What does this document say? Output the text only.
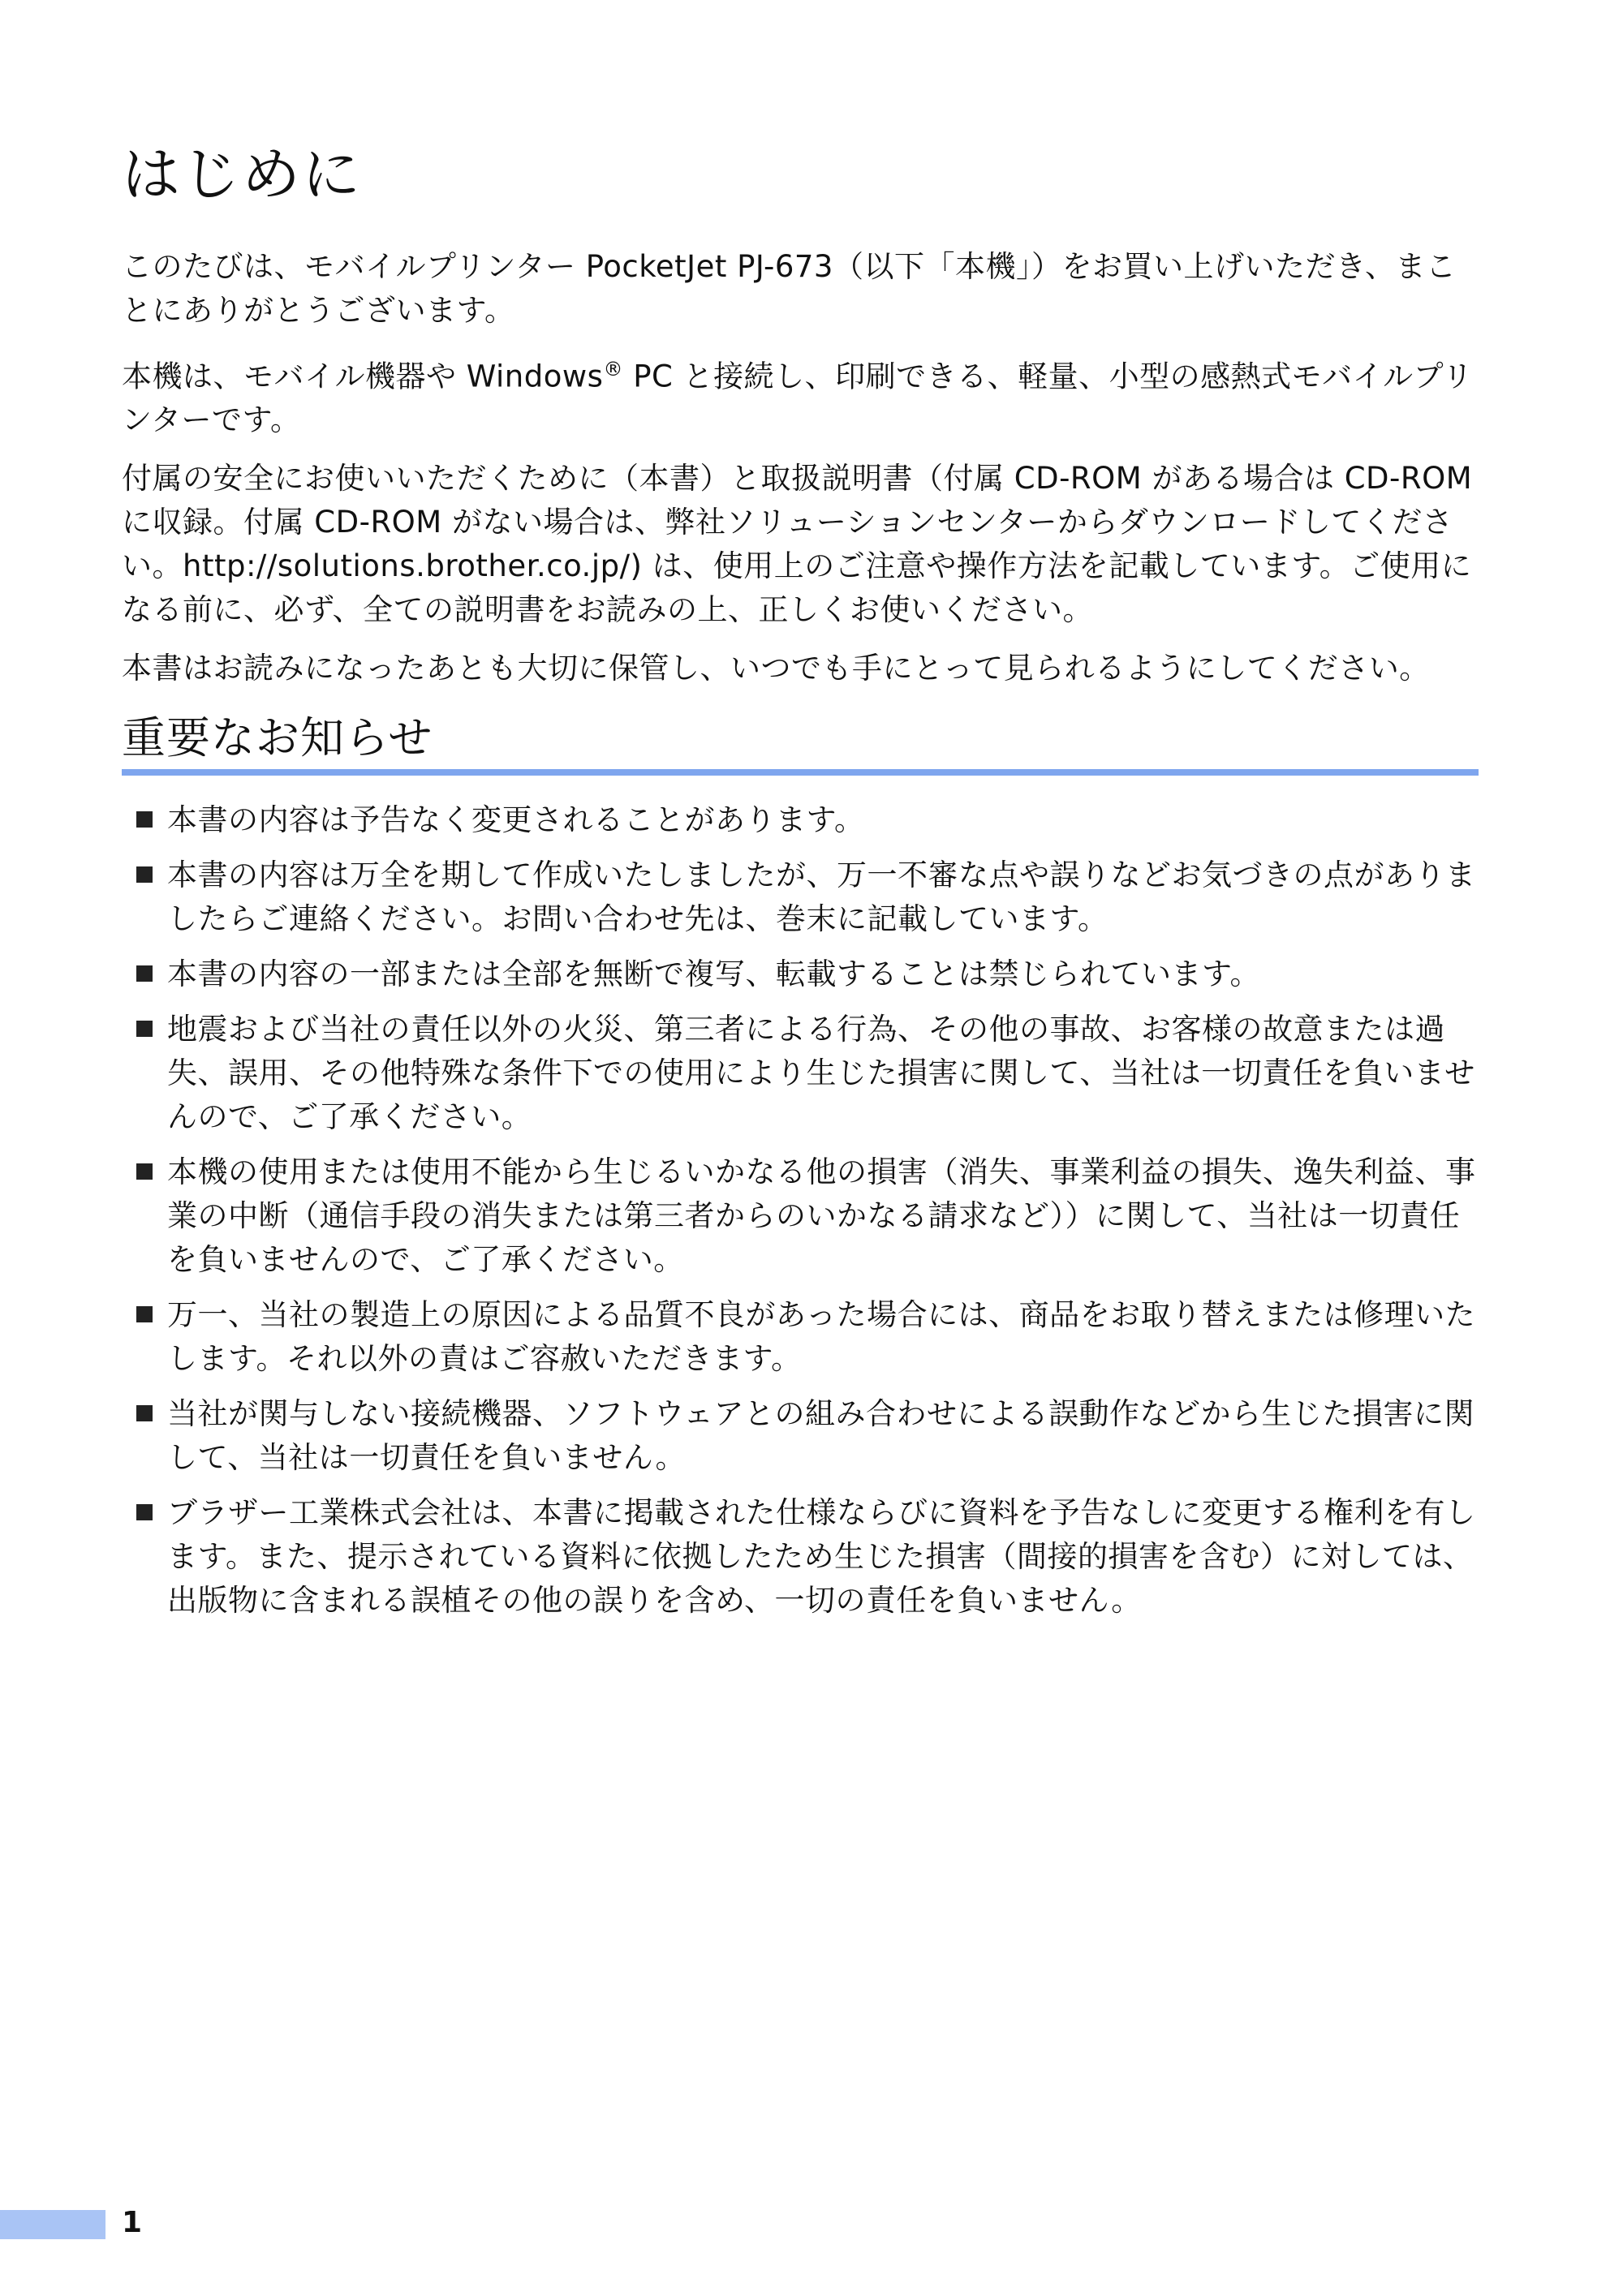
はじめに

このたびは、モバイルプリンター PocketJet PJ-673（以下「本機」）をお買い上げいただき、まことにありがとうございます。

本機は、モバイル機器や Windows® PC と接続し、印刷できる、軽量、小型の感熱式モバイルプリンターです。

付属の安全にお使いいただくために（本書）と取扱説明書（付属 CD-ROM がある場合は CD-ROM に収録。付属 CD-ROM がない場合は、弊社ソリューションセンターからダウンロードしてください。http://solutions.brother.co.jp/) は、使用上のご注意や操作方法を記載しています。ご使用になる前に、必ず、全ての説明書をお読みの上、正しくお使いください。

本書はお読みになったあとも大切に保管し、いつでも手にとって見られるようにしてください。

重要なお知らせ
本書の内容は予告なく変更されることがあります。
本書の内容は万全を期して作成いたしましたが、万一不審な点や誤りなどお気づきの点がありましたらご連絡ください。お問い合わせ先は、巻末に記載しています。
本書の内容の一部または全部を無断で複写、転載することは禁じられています。
地震および当社の責任以外の火災、第三者による行為、その他の事故、お客様の故意または過失、誤用、その他特殊な条件下での使用により生じた損害に関して、当社は一切責任を負いませんので、ご了承ください。
本機の使用または使用不能から生じるいかなる他の損害（消失、事業利益の損失、逸失利益、事業の中断（通信手段の消失または第三者からのいかなる請求など））に関して、当社は一切責任を負いませんので、ご了承ください。
万一、当社の製造上の原因による品質不良があった場合には、商品をお取り替えまたは修理いたします。それ以外の責はご容赦いただきます。
当社が関与しない接続機器、ソフトウェアとの組み合わせによる誤動作などから生じた損害に関して、当社は一切責任を負いません。
ブラザー工業株式会社は、本書に掲載された仕様ならびに資料を予告なしに変更する権利を有します。また、提示されている資料に依拠したため生じた損害（間接的損害を含む）に対しては、出版物に含まれる誤植その他の誤りを含め、一切の責任を負いません。
1
